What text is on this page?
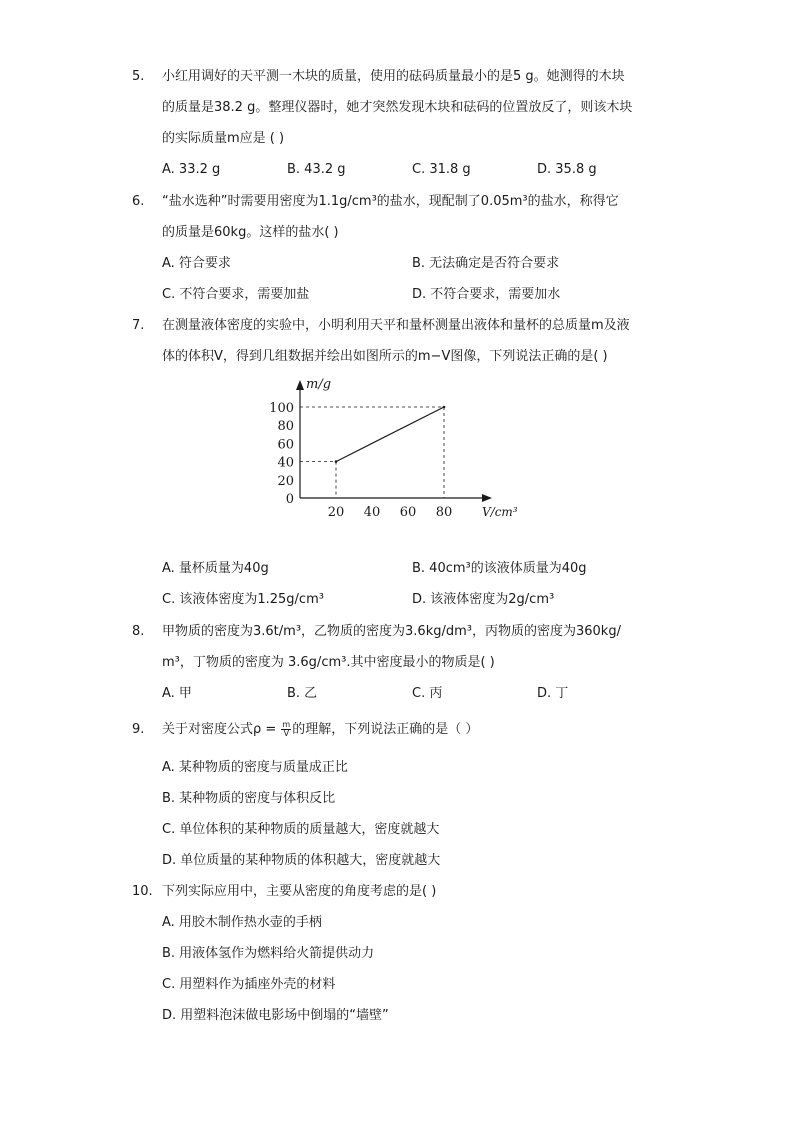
5.	小红用调好的天平测一木块的质量，使用的砝码质量最小的是5 g。她测得的木块
的质量是38.2 g。整理仪器时，她才突然发现木块和砝码的位置放反了，则该木块
的实际质量m应是 ( )
A. 33.2 g	B. 43.2 g	C. 31.8 g	D. 35.8 g
6.	“盐水选种”时需要用密度为1.1g/cm³的盐水，现配制了0.05m³的盐水，称得它
的质量是60kg。这样的盐水( )
A. 符合要求	B. 无法确定是否符合要求
C. 不符合要求，需要加盐	D. 不符合要求，需要加水
7.	在测量液体密度的实验中，小明利用天平和量杯测量出液体和量杯的总质量m及液
体的体积V，得到几组数据并绘出如图所示的m−V图像，下列说法正确的是( )
m/g
V/cm³
0
20
40
60
80
100
20 40 60 80
A. 量杯质量为40g	B. 40cm³的该液体质量为40g
C. 该液体密度为1.25g/cm³	D. 该液体密度为2g/cm³
8.	甲物质的密度为3.6t/m³，乙物质的密度为3.6kg/dm³，丙物质的密度为360kg/
m³，丁物质的密度为 3.6g/cm³.其中密度最小的物质是( )
A. 甲	B. 乙	C. 丙	D. 丁
9.	关于对密度公式$\rho = \frac{m}{V}$ 的理解，下列说法正确的是（ ）
A. 某种物质的密度与质量成正比
B. 某种物质的密度与体积反比
C. 单位体积的某种物质的质量越大，密度就越大
D. 单位质量的某种物质的体积越大，密度就越大
10. 下列实际应用中，主要从密度的角度考虑的是( )
A. 用胶木制作热水壶的手柄
B. 用液体氢作为燃料给火箭提供动力
C. 用塑料作为插座外壳的材料
D. 用塑料泡沫做电影场中倒塌的“墙壁”
